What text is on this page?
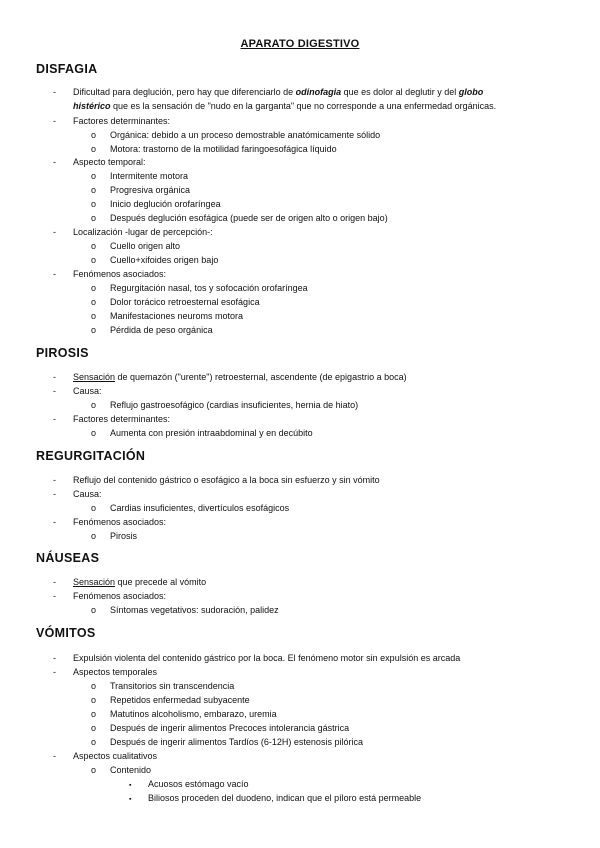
APARATO DIGESTIVO
DISFAGIA
- Dificultad para deglución, pero hay que diferenciarlo de odinofagia que es dolor al deglutir y del globo
histérico que es la sensación de "nudo en la garganta" que no corresponde a una enfermedad orgánicas.
- Factores determinantes:
o Orgánica: debido a un proceso demostrable anatómicamente sólido
o Motora: trastorno de la motilidad faringoesofágica líquido
- Aspecto temporal:
o Intermitente motora
o Progresiva orgánica
o Inicio deglución orofaríngea
o Después deglución esofágica (puede ser de origen alto o origen bajo)
- Localización -lugar de percepción-:
o Cuello origen alto
o Cuello+xifoides origen bajo
- Fenómenos asociados:
o Regurgitación nasal, tos y sofocación orofaríngea
o Dolor torácico retroesternal esofágica
o Manifestaciones neuroms motora
o Pérdida de peso orgánica
PIROSIS
- Sensación de quemazón ("urente") retroesternal, ascendente (de epigastrio a boca)
- Causa:
o Reflujo gastroesofágico (cardias insuficientes, hernia de hiato)
- Factores determinantes:
o Aumenta con presión intraabdominal y en decúbito
REGURGITACIÓN
- Reflujo del contenido gástrico o esofágico a la boca sin esfuerzo y sin vómito
- Causa:
o Cardias insuficientes, divertículos esofágicos
- Fenómenos asociados:
o Pirosis
NÁUSEAS
- Sensación que precede al vómito
- Fenómenos asociados:
o Síntomas vegetativos: sudoración, palidez
VÓMITOS
- Expulsión violenta del contenido gástrico por la boca. El fenómeno motor sin expulsión es arcada
- Aspectos temporales
o Transitorios sin transcendencia
o Repetidos enfermedad subyacente
o Matutinos alcoholismo, embarazo, uremia
o Después de ingerir alimentos Precoces intolerancia gástrica
o Después de ingerir alimentos Tardíos (6-12H) estenosis pilórica
- Aspectos cualitativos
o Contenido
▪ Acuosos estómago vacío
▪ Biliosos proceden del duodeno, indican que el píloro está permeable
